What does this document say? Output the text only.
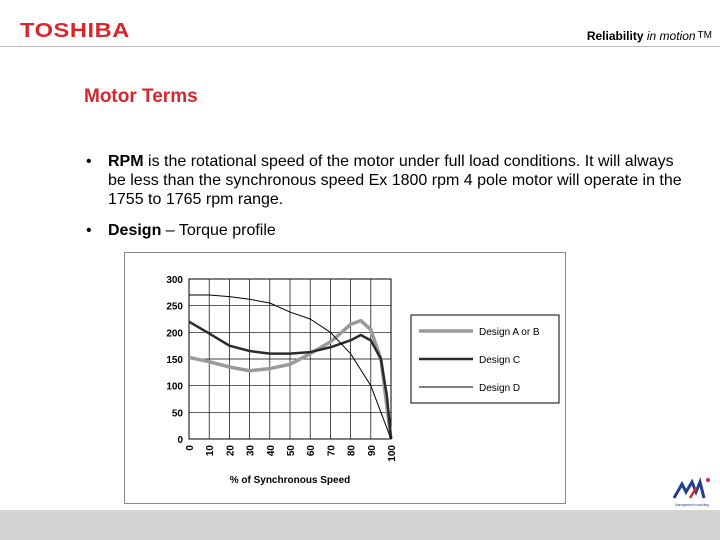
TOSHIBA	Reliability in motion TM
Motor Terms
• RPM is the rotational speed of the motor under full load conditions. It will always be less than the synchronous speed Ex 1800 rpm 4 pole motor will operate in the 1755 to 1765 rpm range.
• Design – Torque profile
0 10 20 30 40 50 60 70 80 90 100
0
50
100
150
200
250
300
% of Synchronous Speed
Design A or B
Design C
Design D
Management consulting
